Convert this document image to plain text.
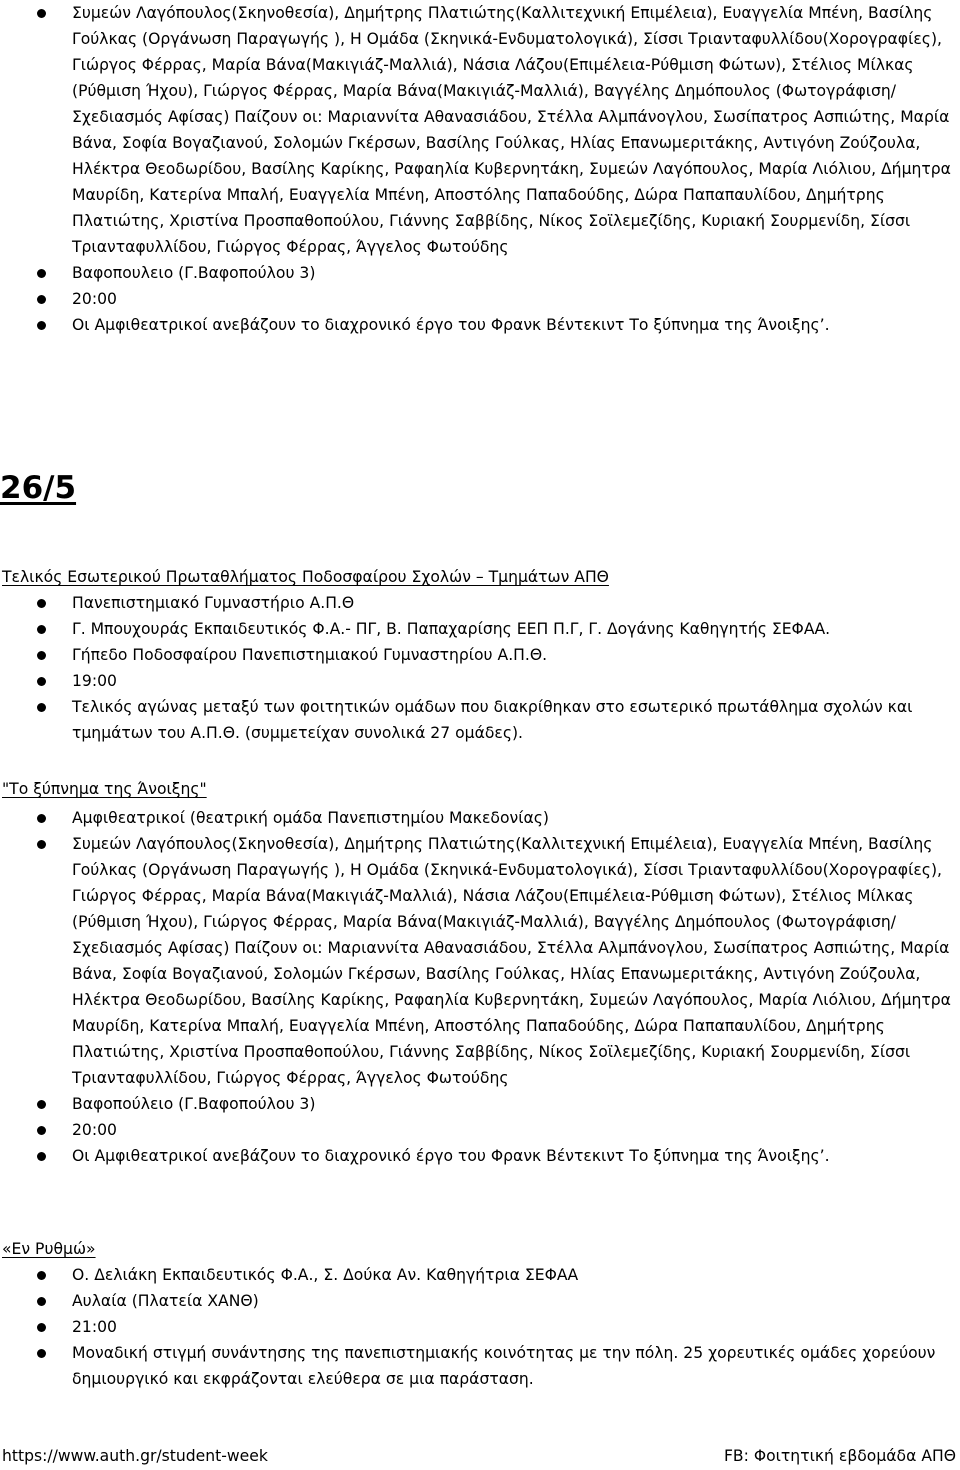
Συμεών Λαγόπουλος(Σκηνοθεσία), Δημήτρης Πλατιώτης(Καλλιτεχνική Επιμέλεια), Ευαγγελία Μπένη, Βασίλης Γούλκας (Οργάνωση Παραγωγής ), Η Ομάδα (Σκηνικά-Ενδυματολογικά), Σίσσι Τριανταφυλλίδου(Χορογραφίες), Γιώργος Φέρρας, Μαρία Βάνα(Μακιγιάζ-Μαλλιά), Νάσια Λάζου(Επιμέλεια-Ρύθμιση Φώτων), Στέλιος Μίλκας (Ρύθμιση Ήχου), Γιώργος Φέρρας, Μαρία Βάνα(Μακιγιάζ-Μαλλιά), Βαγγέλης Δημόπουλος (Φωτογράφιση/Σχεδιασμός Αφίσας) Παίζουν οι: Μαριαννίτα Αθανασιάδου, Στέλλα Αλμπάνογλου, Σωσίπατρος Ασπιώτης, Μαρία Βάνα, Σοφία Βογαζιανού, Σολομών Γκέρσων, Βασίλης Γούλκας, Ηλίας Επανωμεριτάκης, Αντιγόνη Ζούζουλα, Ηλέκτρα Θεοδωρίδου, Βασίλης Καρίκης, Ραφαηλία Κυβερνητάκη, Συμεών Λαγόπουλος, Μαρία Λιόλιου, Δήμητρα Μαυρίδη, Κατερίνα Μπαλή, Ευαγγελία Μπένη, Αποστόλης Παπαδούδης, Δώρα Παπαπαυλίδου, Δημήτρης Πλατιώτης, Χριστίνα Προσπαθοπούλου, Γιάννης Σαββίδης, Νίκος Σοϊλεμεζίδης, Κυριακή Σουρμενίδη, Σίσσι Τριανταφυλλίδου, Γιώργος Φέρρας, Άγγελος Φωτούδης
Βαφοπουλειο (Γ.Βαφοπούλου 3)
20:00
Οι Αμφιθεατρικοί ανεβάζουν το διαχρονικό έργο του Φρανκ Βέντεκιντ Το ξύπνημα της Άνοιξης’.
26/5
Τελικός Εσωτερικού Πρωταθλήματος Ποδοσφαίρου Σχολών – Τμημάτων ΑΠΘ
Πανεπιστημιακό Γυμναστήριο Α.Π.Θ
Γ. Μπουχουράς Εκπαιδευτικός Φ.Α.- ΠΓ, Β. Παπαχαρίσης ΕΕΠ Π.Γ, Γ. Δογάνης Καθηγητής ΣΕΦΑΑ.
Γήπεδο Ποδοσφαίρου Πανεπιστημιακού Γυμναστηρίου Α.Π.Θ.
19:00
Τελικός αγώνας μεταξύ των φοιτητικών ομάδων που διακρίθηκαν στο εσωτερικό πρωτάθλημα σχολών και τμημάτων του Α.Π.Θ. (συμμετείχαν συνολικά 27 ομάδες).
"Το ξύπνημα της Άνοιξης"
Αμφιθεατρικοί (θεατρική ομάδα Πανεπιστημίου Μακεδονίας)
Συμεών Λαγόπουλος(Σκηνοθεσία), Δημήτρης Πλατιώτης(Καλλιτεχνική Επιμέλεια), Ευαγγελία Μπένη, Βασίλης Γούλκας (Οργάνωση Παραγωγής ), Η Ομάδα (Σκηνικά-Ενδυματολογικά), Σίσσι Τριανταφυλλίδου(Χορογραφίες), Γιώργος Φέρρας, Μαρία Βάνα(Μακιγιάζ-Μαλλιά), Νάσια Λάζου(Επιμέλεια-Ρύθμιση Φώτων), Στέλιος Μίλκας (Ρύθμιση Ήχου), Γιώργος Φέρρας, Μαρία Βάνα(Μακιγιάζ-Μαλλιά), Βαγγέλης Δημόπουλος (Φωτογράφιση/Σχεδιασμός Αφίσας) Παίζουν οι: Μαριαννίτα Αθανασιάδου, Στέλλα Αλμπάνογλου, Σωσίπατρος Ασπιώτης, Μαρία Βάνα, Σοφία Βογαζιανού, Σολομών Γκέρσων, Βασίλης Γούλκας, Ηλίας Επανωμεριτάκης, Αντιγόνη Ζούζουλα, Ηλέκτρα Θεοδωρίδου, Βασίλης Καρίκης, Ραφαηλία Κυβερνητάκη, Συμεών Λαγόπουλος, Μαρία Λιόλιου, Δήμητρα Μαυρίδη, Κατερίνα Μπαλή, Ευαγγελία Μπένη, Αποστόλης Παπαδούδης, Δώρα Παπαπαυλίδου, Δημήτρης Πλατιώτης, Χριστίνα Προσπαθοπούλου, Γιάννης Σαββίδης, Νίκος Σοϊλεμεζίδης, Κυριακή Σουρμενίδη, Σίσσι Τριανταφυλλίδου, Γιώργος Φέρρας, Άγγελος Φωτούδης
Βαφοπούλειο (Γ.Βαφοπούλου 3)
20:00
Οι Αμφιθεατρικοί ανεβάζουν το διαχρονικό έργο του Φρανκ Βέντεκιντ Το ξύπνημα της Άνοιξης’.
«Εν Ρυθμώ»
Ο. Δελιάκη Εκπαιδευτικός Φ.Α., Σ. Δούκα Αν. Καθηγήτρια ΣΕΦΑΑ
Αυλαία (Πλατεία ΧΑΝΘ)
21:00
Μοναδική στιγμή συνάντησης της πανεπιστημιακής κοινότητας με την πόλη. 25 χορευτικές ομάδες χορεύουν δημιουργικό και εκφράζονται ελεύθερα σε μια παράσταση.
https://www.auth.gr/student-week	FB: Φοιτητική εβδομάδα ΑΠΘ
